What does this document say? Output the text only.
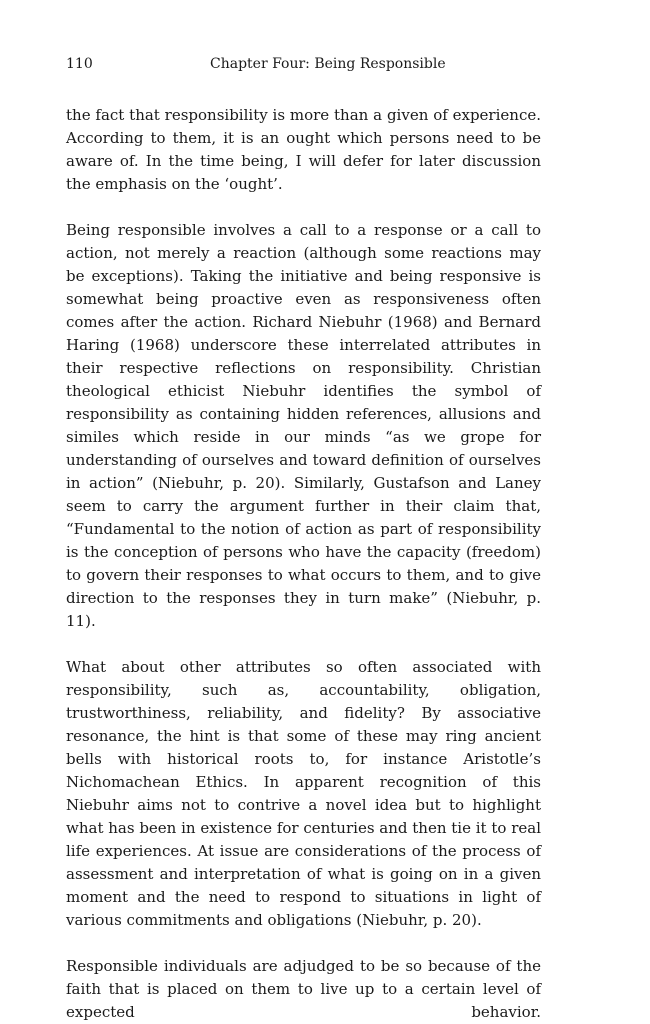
110	Chapter Four: Being Responsible

the fact that responsibility is more than a given of experience. According to them, it is an ought which persons need to be aware of. In the time being, I will defer for later discussion the emphasis on the ‘ought’.

Being responsible involves a call to a response or a call to action, not merely a reaction (although some reactions may be exceptions). Taking the initiative and being responsive is somewhat being proactive even as responsiveness often comes after the action. Richard Niebuhr (1968) and Bernard Haring (1968) underscore these interrelated attributes in their respective reflections on responsibility. Christian theological ethicist Niebuhr identifies the symbol of responsibility as containing hidden references, allusions and similes which reside in our minds “as we grope for understanding of ourselves and toward definition of ourselves in action” (Niebuhr, p. 20). Similarly, Gustafson and Laney seem to carry the argument further in their claim that, “Fundamental to the notion of action as part of responsibility is the conception of persons who have the capacity (freedom) to govern their responses to what occurs to them, and to give direction to the responses they in turn make” (Niebuhr, p. 11).

What about other attributes so often associated with responsibility, such as, accountability, obligation, trustworthiness, reliability, and fidelity? By associative resonance, the hint is that some of these may ring ancient bells with historical roots to, for instance Aristotle’s Nichomachean Ethics. In apparent recognition of this Niebuhr aims not to contrive a novel idea but to highlight what has been in existence for centuries and then tie it to real life experiences. At issue are considerations of the process of assessment and interpretation of what is going on in a given moment and the need to respond to situations in light of various commitments and obligations (Niebuhr, p. 20).

Responsible individuals are adjudged to be so because of the faith that is placed on them to live up to a certain level of expected behavior.
